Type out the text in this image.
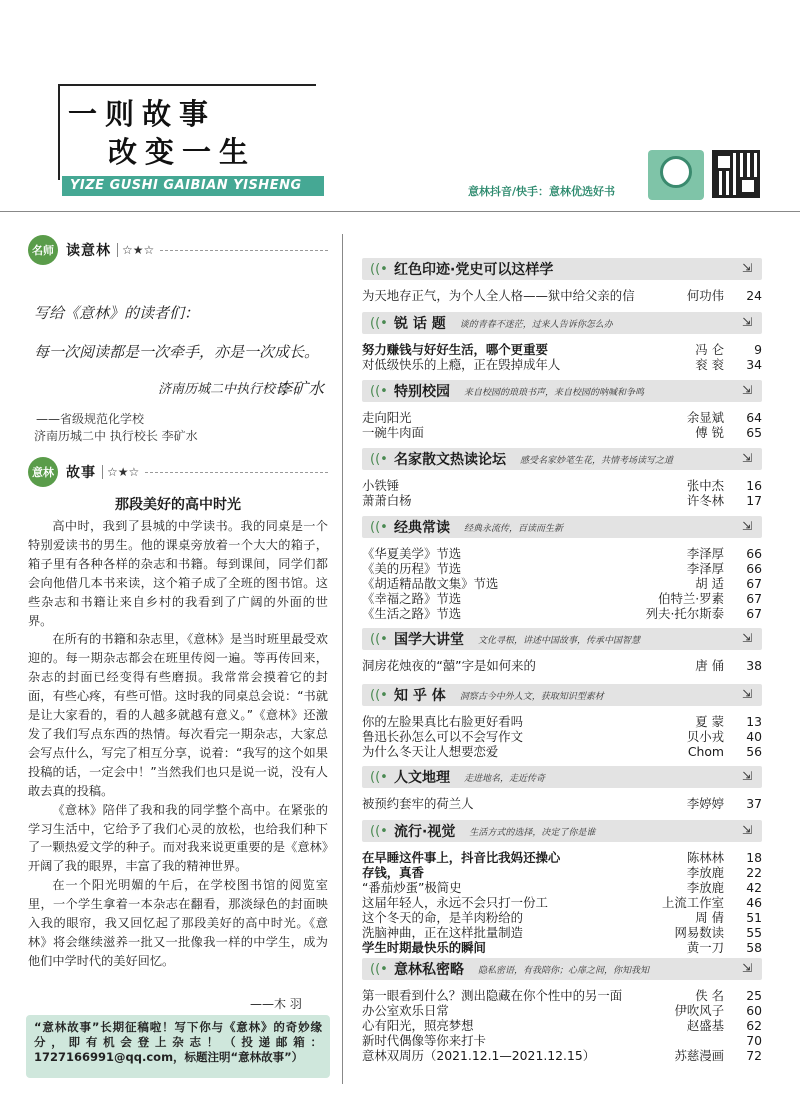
一则故事
改变一生
YIZE GUSHI GAIBIAN YISHENG	意林抖音/快手：意林优选好书
名师 读意林 ☆★☆
写给《意林》的读者们：
每一次阅读都是一次牵手，亦是一次成长。
济南历城二中执行校长
李矿水
——省级规范化学校
济南历城二中 执行校长 李矿水
意林 故事 ☆★☆
那段美好的高中时光

高中时，我到了县城的中学读书。我的同桌是一个特别爱读书的男生。他的课桌旁放着一个大大的箱子，箱子里有各种各样的杂志和书籍。每到课间，同学们都会向他借几本书来读，这个箱子成了全班的图书馆。这些杂志和书籍让来自乡村的我看到了广阔的外面的世界。

在所有的书籍和杂志里，《意林》是当时班里最受欢迎的。每一期杂志都会在班里传阅一遍。等再传回来，杂志的封面已经变得有些磨损。我常常会摸着它的封面，有些心疼，有些可惜。这时我的同桌总会说：“书就是让大家看的，看的人越多就越有意义。”《意林》还激发了我们写点东西的热情。每次看完一期杂志，大家总会写点什么，写完了相互分享，说着：“我写的这个如果投稿的话，一定会中！”当然我们也只是说一说，没有人敢去真的投稿。

《意林》陪伴了我和我的同学整个高中。在紧张的学习生活中，它给予了我们心灵的放松，也给我们种下了一颗热爱文学的种子。而对我来说更重要的是《意林》开阔了我的眼界，丰富了我的精神世界。

在一个阳光明媚的午后，在学校图书馆的阅览室里，一个学生拿着一本杂志在翻看，那淡绿色的封面映入我的眼帘，我又回忆起了那段美好的高中时光。《意林》将会继续滋养一批又一批像我一样的中学生，成为他们中学时代的美好回忆。

——木 羽
“意林故事”长期征稿啦！写下你与《意林》的奇妙缘分，即有机会登上杂志！（投递邮箱：1727166991@qq.com，标题注明“意林故事”）
((• 红色印迹·党史可以这样学	⇲
为天地存正气，为个人全人格——狱中给父亲的信	何功伟	24
((• 锐 话 题 谈的青春不迷茫，过来人告诉你怎么办	⇲
努力赚钱与好好生活，哪个更重要	冯 仑	9
对低级快乐的上瘾，正在毁掉成年人	衮 衮	34
((• 特别校园 来自校园的琅琅书声，来自校园的呐喊和争鸣	⇲
走向阳光	余显斌	64
一碗牛肉面	傅 锐	65
((• 名家散文热读论坛 感受名家妙笔生花，共情考场读写之道	⇲
小铁锤	张中杰	16
萧萧白杨	许冬林	17
((• 经典常读 经典永流传，百读而生新	⇲
《华夏美学》节选	李泽厚	66
《美的历程》节选	李泽厚	66
《胡适精品散文集》节选	胡 适	67
《幸福之路》节选	伯特兰·罗素	67
《生活之路》节选	列夫·托尔斯泰	67
((• 国学大讲堂 文化寻根，讲述中国故事，传承中国智慧	⇲
洞房花烛夜的“囍”字是如何来的	唐 俑	38
((• 知 乎 体 洞察古今中外人文，获取知识型素材	⇲
你的左脸果真比右脸更好看吗	夏 蒙	13
鲁迅长孙怎么可以不会写作文	贝小戎	40
为什么冬天让人想要恋爱	Chom	56
((• 人文地理 走进地名，走近传奇	⇲
被预约套牢的荷兰人	李婷婷	37
((• 流行·视觉 生活方式的选择，决定了你是谁	⇲
在早睡这件事上，抖音比我妈还操心	陈林林	18
存钱，真香	李放鹿	22
“番茄炒蛋”极简史	李放鹿	42
这届年轻人，永远不会只打一份工	上流工作室	46
这个冬天的命，是羊肉粉给的	周 倩	51
洗脑神曲，正在这样批量制造	网易数读	55
学生时期最快乐的瞬间	黄一刀	58
((• 意林私密略 隐私密语，有我陪你；心扉之间，你知我知	⇲
第一眼看到什么？测出隐藏在你个性中的另一面	佚 名	25
办公室欢乐日常	伊吹风子	60
心有阳光，照亮梦想	赵盛基	62
新时代偶像等你来打卡	70
意林双周历（2021.12.1—2021.12.15）	苏慈漫画	72
